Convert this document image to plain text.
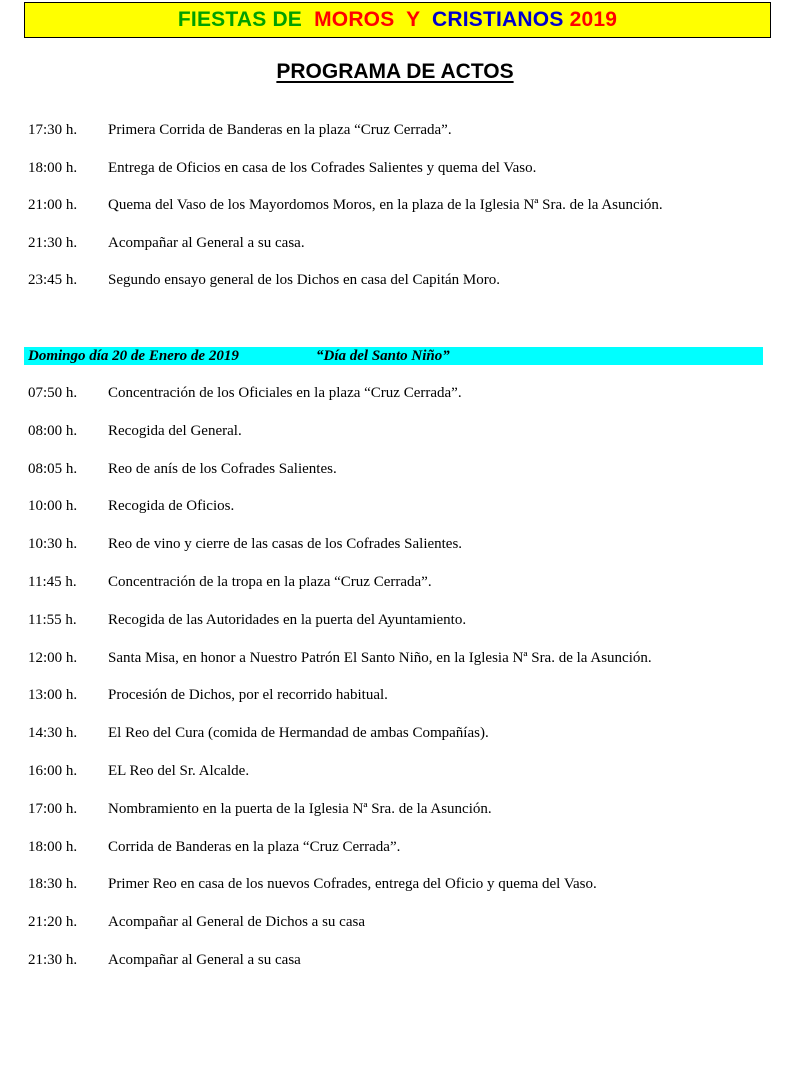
FIESTAS DE  MOROS  Y  CRISTIANOS 2019
PROGRAMA DE ACTOS
17:30 h.	Primera Corrida de Banderas en la plaza “Cruz Cerrada”.
18:00 h.	Entrega de Oficios en casa de los Cofrades Salientes y quema del Vaso.
21:00 h.	Quema del Vaso de los Mayordomos Moros, en la plaza de la Iglesia Nª Sra. de la Asunción.
21:30 h.	Acompañar al General a su casa.
23:45 h.	Segundo ensayo general de los Dichos en casa del Capitán Moro.
Domingo día 20 de Enero de 2019	“Día del Santo Niño”
07:50 h.	Concentración de los Oficiales en la plaza “Cruz Cerrada”.
08:00 h.	Recogida del General.
08:05 h.	Reo de anís de los Cofrades Salientes.
10:00 h.	Recogida de Oficios.
10:30 h.	Reo de vino y cierre de las casas de los Cofrades Salientes.
11:45 h.	Concentración de la tropa en la plaza “Cruz Cerrada”.
11:55 h.	Recogida de las Autoridades en la puerta del Ayuntamiento.
12:00 h.	Santa Misa, en honor a Nuestro Patrón El Santo Niño, en la Iglesia Nª Sra. de la Asunción.
13:00 h.	Procesión de Dichos, por el recorrido habitual.
14:30 h.	El Reo del Cura (comida de Hermandad de ambas Compañías).
16:00 h.	EL Reo del Sr. Alcalde.
17:00 h.	Nombramiento en la puerta de la Iglesia Nª Sra. de la Asunción.
18:00 h.	Corrida de Banderas en la plaza “Cruz Cerrada”.
18:30 h.	Primer Reo en casa de los nuevos Cofrades, entrega del Oficio y quema del Vaso.
21:20 h.	Acompañar al General de Dichos a su casa
21:30 h.	Acompañar al General a su casa
